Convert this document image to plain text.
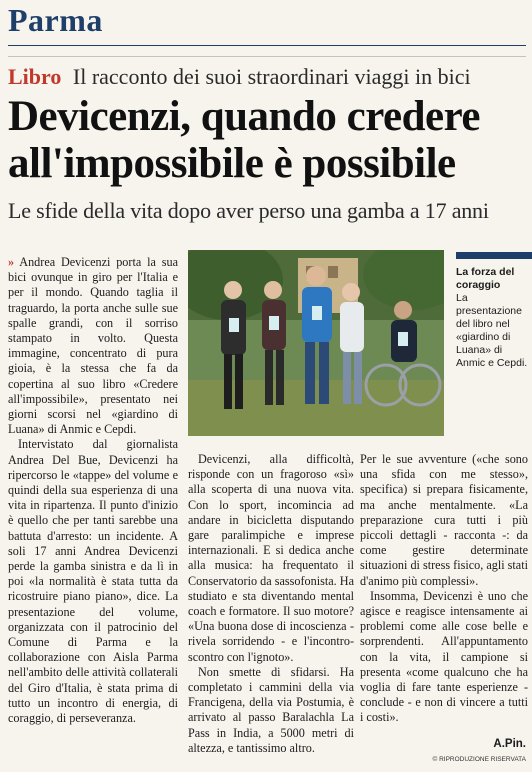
Parma
Libro Il racconto dei suoi straordinari viaggi in bici
Devicenzi, quando credere all'impossibile è possibile
Le sfide della vita dopo aver perso una gamba a 17 anni

» Andrea Devicenzi porta la sua bici ovunque in giro per l'Italia e per il mondo. Quando taglia il traguardo, la porta anche sulle sue spalle grandi, con il sorriso stampato in volto. Questa immagine, concentrato di pura gioia, è la stessa che fa da copertina al suo libro «Credere all'impossibile», presentato nei giorni scorsi nel «giardino di Luana» di Anmic e Cepdi.

Intervistato dal giornalista Andrea Del Bue, Devicenzi ha ripercorso le «tappe» del volume e quindi della sua esperienza di una vita in ripartenza. Il punto d'inizio è quello che per tanti sarebbe una battuta d'arresto: un incidente. A soli 17 anni Andrea Devicenzi perde la gamba sinistra e da lì in poi «la normalità è stata tutta da ricostruire piano piano», dice. La presentazione del volume, organizzata con il patrocinio del Comune di Parma e la collaborazione con Aisla Parma nell'ambito delle attività collaterali del Giro d'Italia, è stata prima di tutto un incontro di energia, di coraggio, di perseveranza.

La forza del coraggio
La presentazione del libro nel «giardino di Luana» di Anmic e Cepdi.

Devicenzi, alla difficoltà, risponde con un fragoroso «sì» alla scoperta di una nuova vita. Con lo sport, incomincia ad andare in bicicletta disputando gare paralimpiche e imprese internazionali. E si dedica anche alla musica: ha frequentato il Conservatorio da sassofonista. Ha studiato e sta diventando mental coach e formatore. Il suo motore? «Una buona dose di incoscienza - rivela sorridendo - e l'incontro-scontro con l'ignoto».

Non smette di sfidarsi. Ha completato i cammini della via Francigena, della via Postumia, è arrivato al passo Baralachla La Pass in India, a 5000 metri di altezza, e tantissimo altro.

Per le sue avventure («che sono una sfida con me stesso», specifica) si prepara fisicamente, ma anche mentalmente. «La preparazione cura tutti i più piccoli dettagli - racconta -: da come gestire determinate situazioni di stress fisico, agli stati d'animo più complessi».

Insomma, Devicenzi è uno che agisce e reagisce intensamente ai problemi come alle cose belle e sorprendenti. All'appuntamento con la vita, il campione si presenta «come qualcuno che ha voglia di fare tante esperienze - conclude - e non di vincere a tutti i costi».

A.Pin.
© RIPRODUZIONE RISERVATA
